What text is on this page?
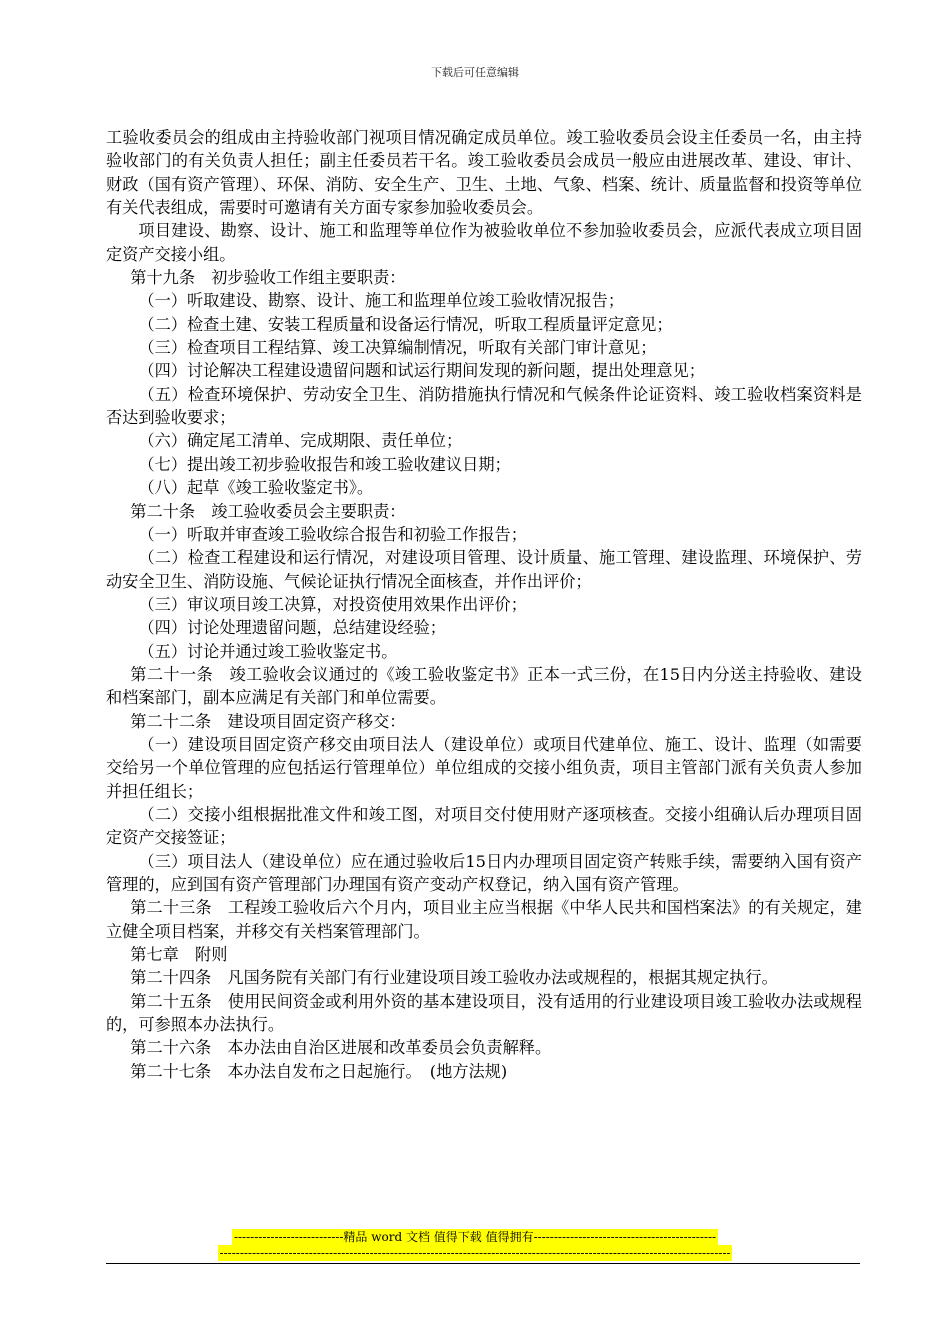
下载后可任意编辑

工验收委员会的组成由主持验收部门视项目情况确定成员单位。竣工验收委员会设主任委员一名，由主持验收部门的有关负责人担任；副主任委员若干名。竣工验收委员会成员一般应由进展改革、建设、审计、财政（国有资产管理）、环保、消防、安全生产、卫生、土地、气象、档案、统计、质量监督和投资等单位有关代表组成，需要时可邀请有关方面专家参加验收委员会。

项目建设、勘察、设计、施工和监理等单位作为被验收单位不参加验收委员会，应派代表成立项目固定资产交接小组。

第十九条　初步验收工作组主要职责：

（一）听取建设、勘察、设计、施工和监理单位竣工验收情况报告；

（二）检查土建、安装工程质量和设备运行情况，听取工程质量评定意见；

（三）检查项目工程结算、竣工决算编制情况，听取有关部门审计意见；

（四）讨论解决工程建设遗留问题和试运行期间发现的新问题，提出处理意见；

（五）检查环境保护、劳动安全卫生、消防措施执行情况和气候条件论证资料、竣工验收档案资料是否达到验收要求；

（六）确定尾工清单、完成期限、责任单位；

（七）提出竣工初步验收报告和竣工验收建议日期；

（八）起草《竣工验收鉴定书》。

第二十条　竣工验收委员会主要职责：

（一）听取并审查竣工验收综合报告和初验工作报告；

（二）检查工程建设和运行情况，对建设项目管理、设计质量、施工管理、建设监理、环境保护、劳动安全卫生、消防设施、气候论证执行情况全面核查，并作出评价；

（三）审议项目竣工决算，对投资使用效果作出评价；

（四）讨论处理遗留问题，总结建设经验；

（五）讨论并通过竣工验收鉴定书。

第二十一条　竣工验收会议通过的《竣工验收鉴定书》正本一式三份，在15日内分送主持验收、建设和档案部门，副本应满足有关部门和单位需要。

第二十二条　建设项目固定资产移交：

（一）建设项目固定资产移交由项目法人（建设单位）或项目代建单位、施工、设计、监理（如需要交给另一个单位管理的应包括运行管理单位）单位组成的交接小组负责，项目主管部门派有关负责人参加并担任组长；

（二）交接小组根据批准文件和竣工图，对项目交付使用财产逐项核查。交接小组确认后办理项目固定资产交接签证；

（三）项目法人（建设单位）应在通过验收后15日内办理项目固定资产转账手续，需要纳入国有资产管理的，应到国有资产管理部门办理国有资产变动产权登记，纳入国有资产管理。

第二十三条　工程竣工验收后六个月内，项目业主应当根据《中华人民共和国档案法》的有关规定，建立健全项目档案，并移交有关档案管理部门。

第七章　附则

第二十四条　凡国务院有关部门有行业建设项目竣工验收办法或规程的，根据其规定执行。

第二十五条　使用民间资金或利用外资的基本建设项目，没有适用的行业建设项目竣工验收办法或规程的，可参照本办法执行。

第二十六条　本办法由自治区进展和改革委员会负责解释。

第二十七条　本办法自发布之日起施行。　(地方法规)

---------------------------精品 word 文档 值得下载 值得拥有---------------------------------------------
------------------------------------------------------------------------------------------------------------------------------
